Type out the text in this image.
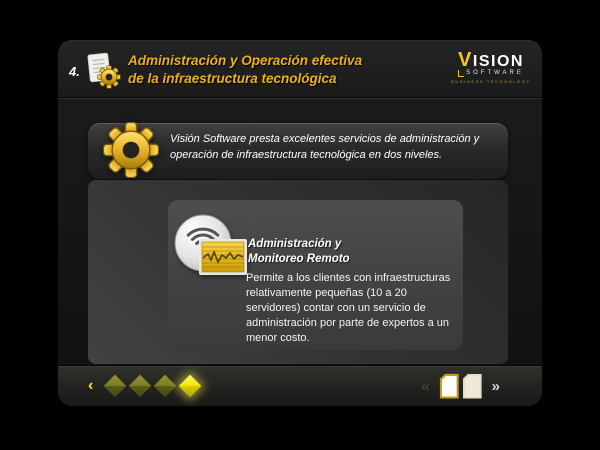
4.
Administración y Operación efectiva
de la infraestructura tecnológica
VISION
SOFTWARE
BUSINESS TECHNOLOGY
Visión Software presta excelentes servicios de administración y operación de infraestructura tecnológica en dos niveles.
Administración y
Monitoreo Remoto
Permite a los clientes con infraestructuras relativamente pequeñas (10 a 20 servidores) contar con un servicio de administración por parte de expertos a un menor costo.
‹	«	»
